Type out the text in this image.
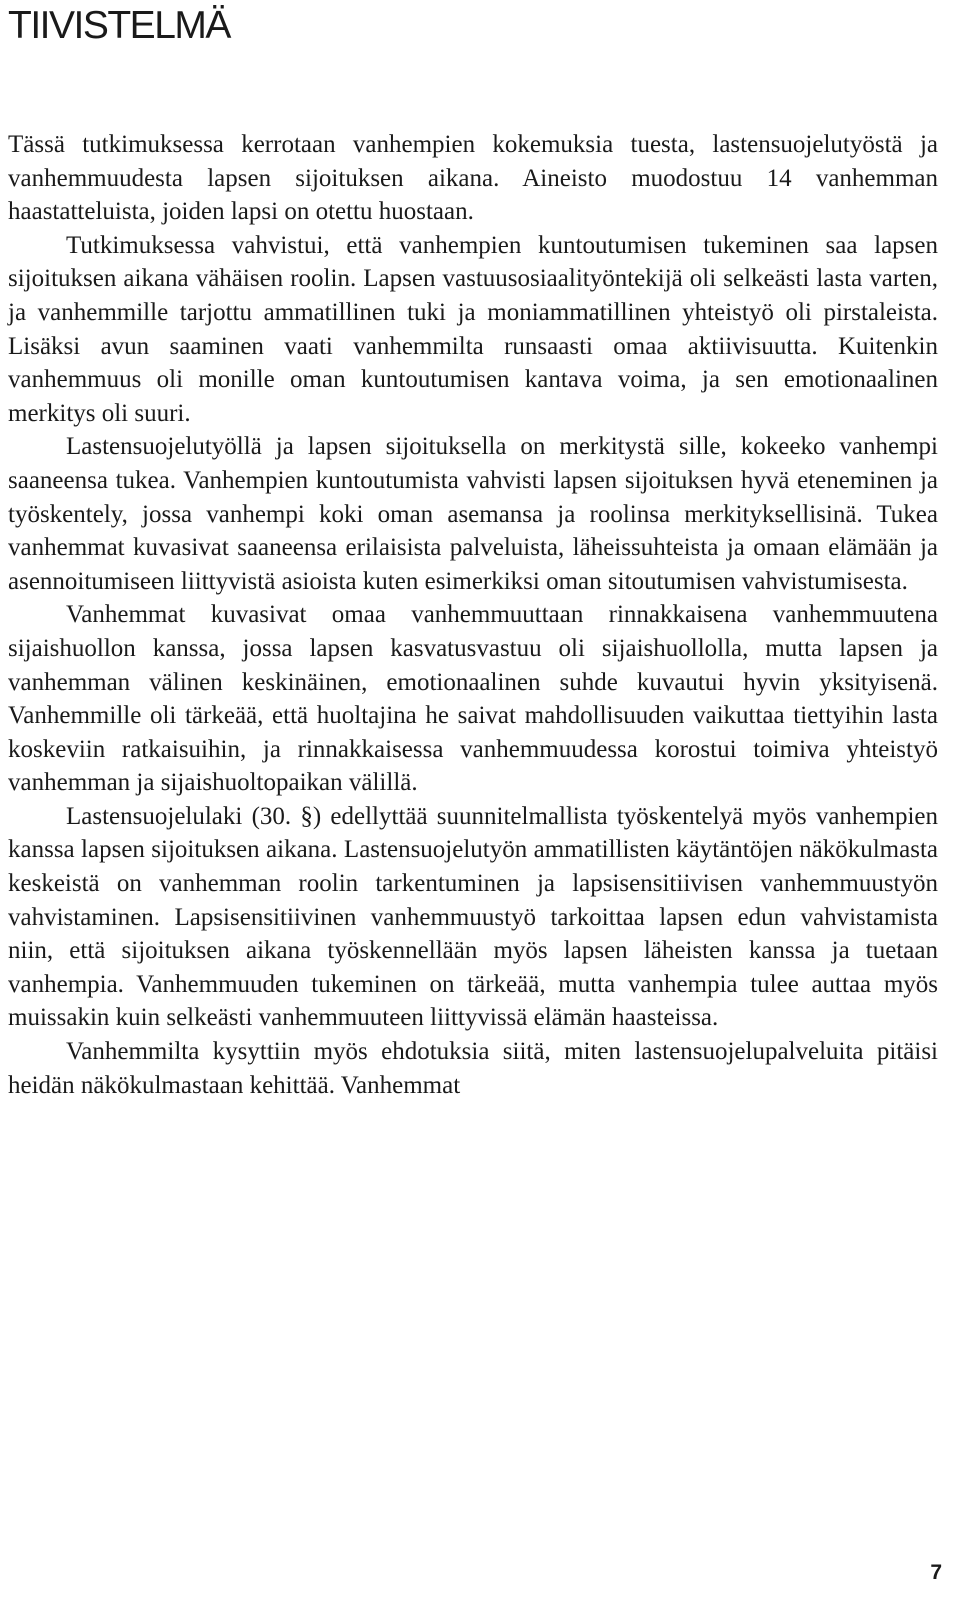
TIIVISTELMÄ

Tässä tutkimuksessa kerrotaan vanhempien kokemuksia tuesta, lastensuojelutyöstä ja vanhemmuudesta lapsen sijoituksen aikana. Aineisto muodostuu 14 vanhemman haastatteluista, joiden lapsi on otettu huostaan.

Tutkimuksessa vahvistui, että vanhempien kuntoutumisen tukeminen saa lapsen sijoituksen aikana vähäisen roolin. Lapsen vastuusosiaalityöntekijä oli selkeästi lasta varten, ja vanhemmille tarjottu ammatillinen tuki ja moniammatillinen yhteistyö oli pirstaleista. Lisäksi avun saaminen vaati vanhemmilta runsaasti omaa aktiivisuutta. Kuitenkin vanhemmuus oli monille oman kuntoutumisen kantava voima, ja sen emotionaalinen merkitys oli suuri.

Lastensuojelutyöllä ja lapsen sijoituksella on merkitystä sille, kokeeko vanhempi saaneensa tukea. Vanhempien kuntoutumista vahvisti lapsen sijoituksen hyvä eteneminen ja työskentely, jossa vanhempi koki oman asemansa ja roolinsa merkityksellisinä. Tukea vanhemmat kuvasivat saaneensa erilaisista palveluista, läheissuhteista ja omaan elämään ja asennoitumiseen liittyvistä asioista kuten esimerkiksi oman sitoutumisen vahvistumisesta.

Vanhemmat kuvasivat omaa vanhemmuuttaan rinnakkaisena vanhemmuutena sijaishuollon kanssa, jossa lapsen kasvatusvastuu oli sijaishuollolla, mutta lapsen ja vanhemman välinen keskinäinen, emotionaalinen suhde kuvautui hyvin yksityisenä. Vanhemmille oli tärkeää, että huoltajina he saivat mahdollisuuden vaikuttaa tiettyihin lasta koskeviin ratkaisuihin, ja rinnakkaisessa vanhemmuudessa korostui toimiva yhteistyö vanhemman ja sijaishuoltopaikan välillä.

Lastensuojelulaki (30. §) edellyttää suunnitelmallista työskentelyä myös vanhempien kanssa lapsen sijoituksen aikana. Lastensuojelutyön ammatillisten käytäntöjen näkökulmasta keskeistä on vanhemman roolin tarkentuminen ja lapsisensitiivisen vanhemmuustyön vahvistaminen. Lapsisensitiivinen vanhemmuustyö tarkoittaa lapsen edun vahvistamista niin, että sijoituksen aikana työskennellään myös lapsen läheisten kanssa ja tuetaan vanhempia. Vanhemmuuden tukeminen on tärkeää, mutta vanhempia tulee auttaa myös muissakin kuin selkeästi vanhemmuuteen liittyvissä elämän haasteissa.

Vanhemmilta kysyttiin myös ehdotuksia siitä, miten lastensuojelupalveluita pitäisi heidän näkökulmastaan kehittää. Vanhemmat

7
